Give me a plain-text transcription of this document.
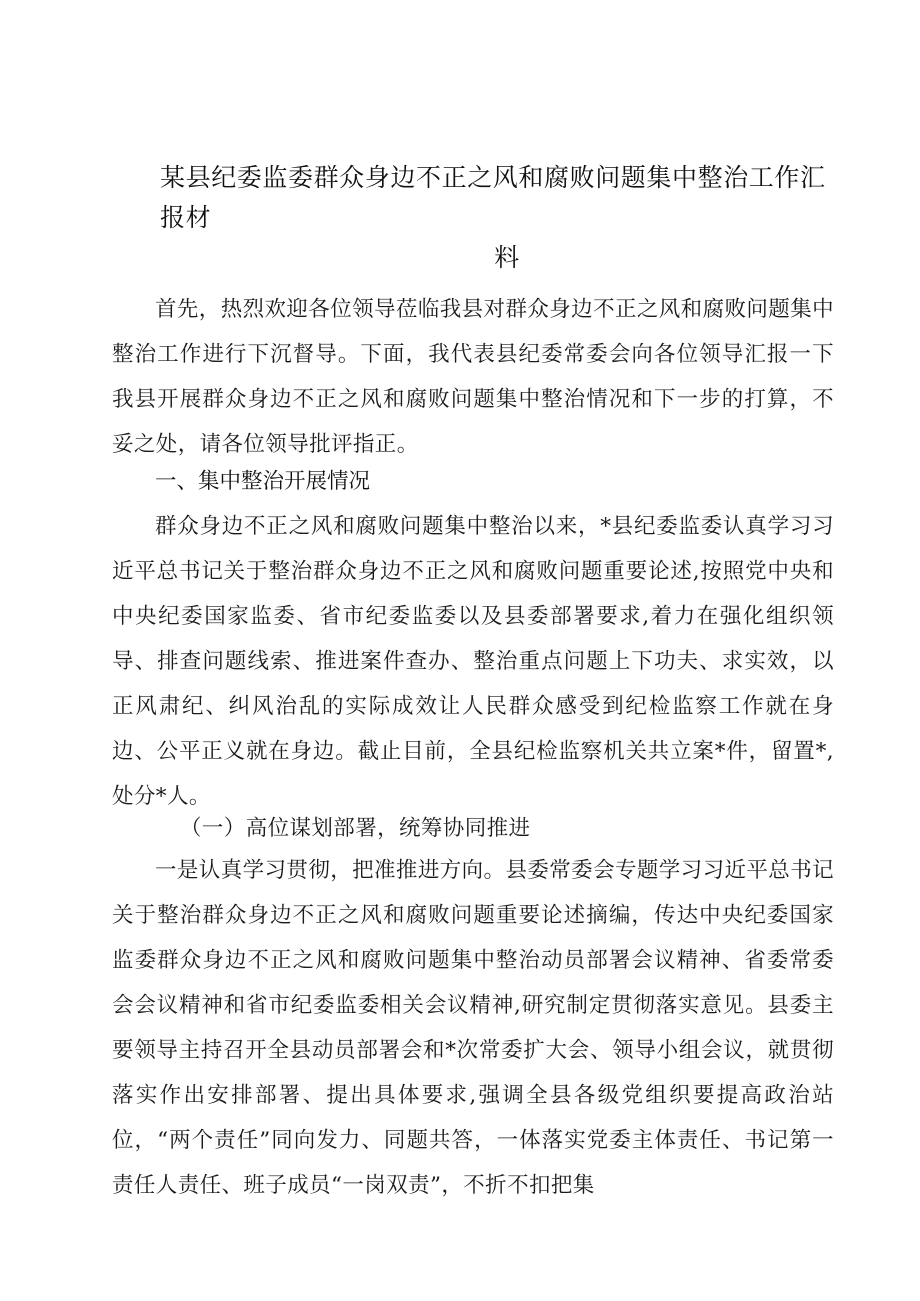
某县纪委监委群众身边不正之风和腐败问题集中整治工作汇报材
料

首先，热烈欢迎各位领导莅临我县对群众身边不正之风和腐败问题集中整治工作进行下沉督导。下面，我代表县纪委常委会向各位领导汇报一下我县开展群众身边不正之风和腐败问题集中整治情况和下一步的打算，不妥之处，请各位领导批评指正。

一、集中整治开展情况

群众身边不正之风和腐败问题集中整治以来，*县纪委监委认真学习习近平总书记关于整治群众身边不正之风和腐败问题重要论述,按照党中央和中央纪委国家监委、省市纪委监委以及县委部署要求,着力在强化组织领导、排查问题线索、推进案件查办、整治重点问题上下功夫、求实效，以正风肃纪、纠风治乱的实际成效让人民群众感受到纪检监察工作就在身边、公平正义就在身边。截止目前，全县纪检监察机关共立案*件，留置*,处分*人。

（一）高位谋划部署，统筹协同推进

一是认真学习贯彻，把准推进方向。县委常委会专题学习习近平总书记关于整治群众身边不正之风和腐败问题重要论述摘编，传达中央纪委国家监委群众身边不正之风和腐败问题集中整治动员部署会议精神、省委常委会会议精神和省市纪委监委相关会议精神,研究制定贯彻落实意见。县委主要领导主持召开全县动员部署会和*次常委扩大会、领导小组会议，就贯彻落实作出安排部署、提出具体要求,强调全县各级党组织要提高政治站位，“两个责任”同向发力、同题共答，一体落实党委主体责任、书记第一责任人责任、班子成员“一岗双责”，不折不扣把集
